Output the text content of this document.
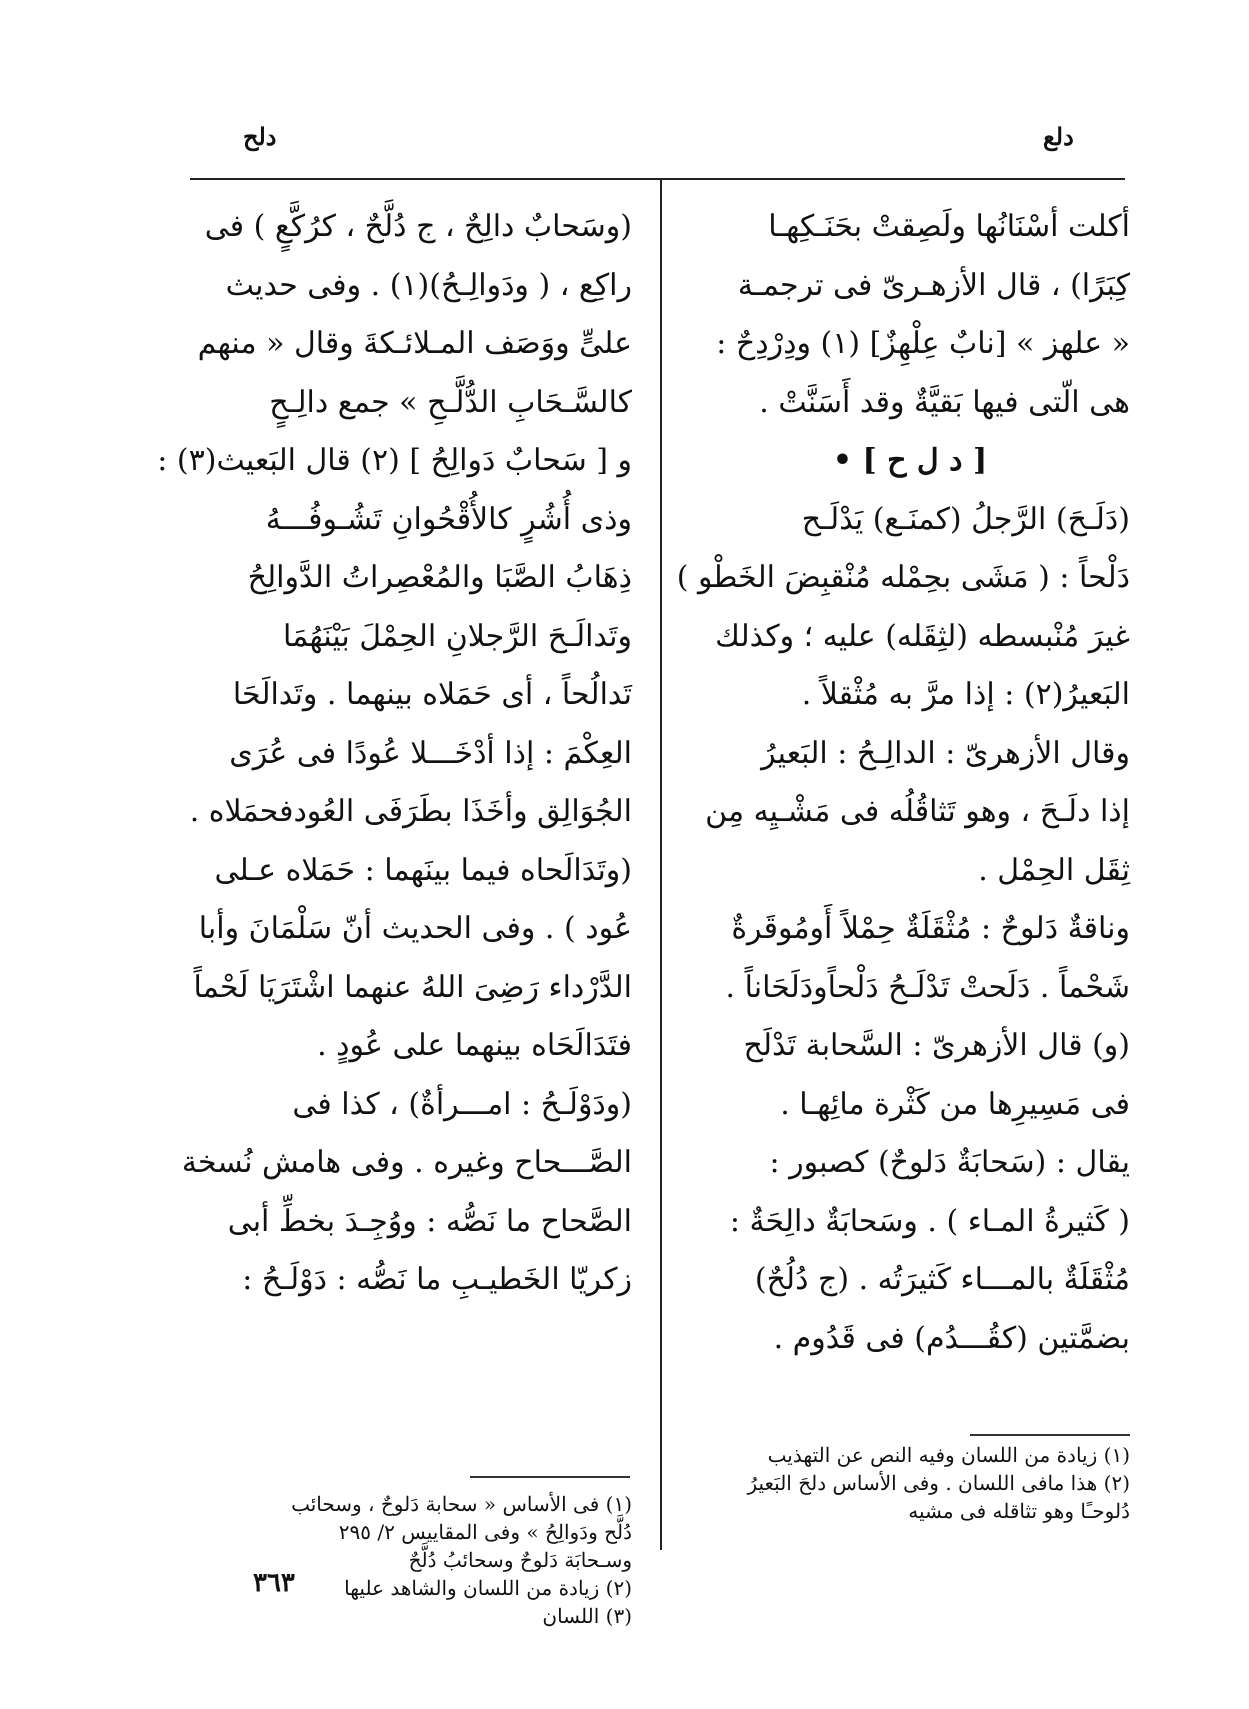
دلح	دلع
أكلت أسْنَانُها ولَصِقتْ بحَنَـكِهـا
كِبَرًا) ، قال الأزهـرىّ فى ترجمـة
« علهز » [نابٌ عِلْهِزٌ] (١) ودِرْدِحٌ :
هى الّتى فيها بَقيَّةٌ وقد أَسَنَّتْ .
[ د ل ح ] •
(دَلَـحَ) الرَّجلُ (كمنَـع) يَدْلَـح
دَلْحاً : ( مَشَى بحِمْله مُنْقبِضَ الخَطْو )
غيرَ مُنْبسطه (لثِقَله) عليه ؛ وكذلك
البَعيرُ(٢) : إذا مرَّ به مُثْقلاً .
وقال الأزهرىّ : الدالِـحُ : البَعيرُ
إذا دلَـحَ ، وهو تَثاقُلُه فى مَشْـيِه مِن
ثِقَل الحِمْل .
وناقةٌ دَلوحٌ : مُثْقَلَةٌ حِمْلاً أَومُوقَرةٌ
شَحْماً . دَلَحتْ تَدْلَـحُ دَلْحاًودَلَحَاناً .
(و) قال الأزهرىّ : السَّحابة تَدْلَح
فى مَسِيرِها من كَثْرة مائِهـا .
يقال : (سَحابَةٌ دَلوحٌ) كصبور :
( كَثيرةُ المـاء ) . وسَحابَةٌ دالِحَةٌ :
مُثْقَلَةٌ بالمـــاء كَثيرَتُه . (ج دُلُحٌ)
بضمَّتين (كقُـــدُم) فى قَدُوم .
(وسَحابٌ دالِحٌ ، ج دُلَّحٌ ، كرُكَّعٍ ) فى
راكِع ، ( ودَوالِـحُ)(١) . وفى حديث
علىٍّ ووَصَف المـلائـكةَ وقال « منهم
كالسَّـحَابِ الدُّلَّـحِ » جمع دالِـحٍ
و [ سَحابٌ دَوالِحُ ] (٢) قال البَعيث(٣) :
وذى أُشُرٍ كالأُقْحُوانِ تَشُـوفُـــهُ
ذِهَابُ الصَّبَا والمُعْصِراتُ الدَّوالِحُ
وتَدالَـحَ الرَّجلانِ الحِمْلَ بَيْنَهُمَا
تَدالُحاً ، أى حَمَلاه بينهما . وتَدالَحَا
العِكْمَ : إذا أدْخَـــلا عُودًا فى عُرَى
الجُوَالِق وأخَذَا بطَرَفَى العُودفحمَلاه .
(وتَدَالَحاه فيما بينَهما : حَمَلاه عـلى
عُود ) . وفى الحديث أنّ سَلْمَانَ وأبا
الدَّرْداء رَضِىَ اللهُ عنهما اشْتَرَيَا لَحْماً
فتَدَالَحَاه بينهما على عُودٍ .
(ودَوْلَـحُ : امـــرأةٌ) ، كذا فى
الصَّـــحاح وغيره . وفى هامش نُسخة
الصَّحاح ما نَصُّه : ووُجِـدَ بخطِّ أبى
زكريّا الخَطيـبِ ما نَصُّه : دَوْلَـحُ :
(١) زيادة من اللسان وفيه النص عن التهذيب
(٢) هذا مافى اللسان . وفى الأساس دلحَ البَعيرُ
دُلوحـًا وهو تثاقله فى مشيه
(١) فى الأساس « سحابة دَلوحٌ ، وسحائب
دُلَّح ودَوالِحُ » وفى المقاييس ٢/ ٢٩٥
وسـحابَة دَلوحٌ وسحائبُ دُلَّحٌ
(٢) زيادة من اللسان والشاهد عليها
(٣) اللسان
٣٦٣
